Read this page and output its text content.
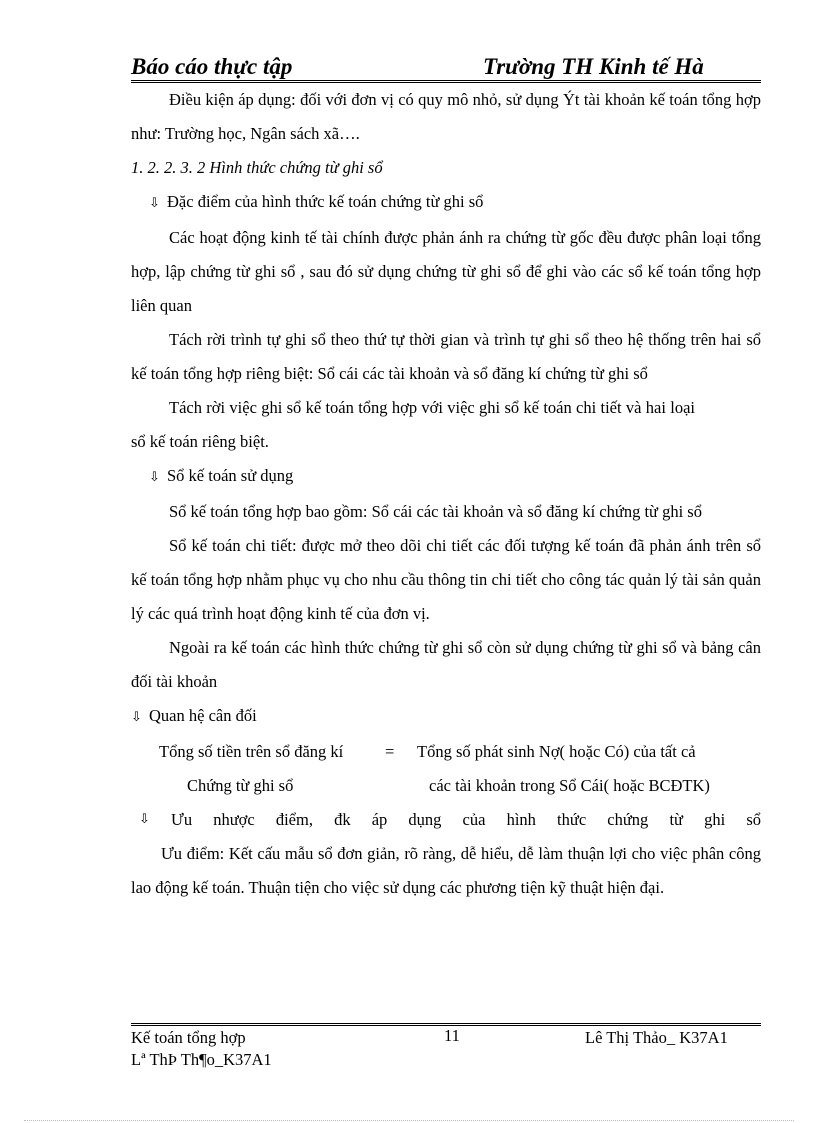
Báo cáo thực tập	Trường TH Kinh tế Hà
Điều kiện áp dụng: đối với đơn vị có quy mô nhỏ, sử dụng Ýt tài khoản kế toán tổng hợp như: Trường học, Ngân sách xã….
1. 2. 2. 3. 2 Hình thức chứng từ ghi sổ
⇩ Đặc điểm của hình thức kế toán chứng từ ghi sổ
Các hoạt động kinh tế tài chính được phản ánh ra chứng từ gốc đều được phân loại tổng hợp, lập chứng từ ghi sổ , sau đó sử dụng chứng từ ghi sổ để ghi vào các sổ kế toán tổng hợp liên quan
Tách rời trình tự ghi sổ theo thứ tự thời gian và trình tự ghi sổ theo hệ thống trên hai sổ kế toán tổng hợp riêng biệt: Sổ cái các tài khoản và sổ đăng kí chứng từ ghi sổ
Tách rời việc ghi sổ kế toán tổng hợp với việc ghi sổ kế toán chi tiết và hai loạisổ kế toán riêng biệt.
⇩ Sổ kế toán sử dụng
Sổ kế toán tổng hợp bao gồm: Sổ cái các tài khoản và sổ đăng kí chứng từ ghi sổ
Sổ kế toán chi tiết: được mở theo dõi chi tiết các đối tượng kế toán đã phản ánh trên sổ kế toán tổng hợp nhằm phục vụ cho nhu cầu thông tin chi tiết cho công tác quản lý tài sản quản lý các quá trình hoạt động kinh tế của đơn vị.
Ngoài ra kế toán các hình thức chứng từ ghi sổ còn sử dụng chứng từ ghi sổ và bảng cân đối tài khoản
⇩ Quan hệ cân đối
Tổng số tiền trên sổ đăng kí	= Tổng số phát sinh Nợ( hoặc Có) của tất cả
Chứng từ ghi sổ	các tài khoản trong Sổ Cái( hoặc BCĐTK)
⇩ Ưu nhược điểm, đk áp dụng của hình thức chứng từ ghi sổ
Ưu điểm: Kết cấu mẫu sổ đơn giản, rõ ràng, dễ hiểu, dễ làm thuận lợi cho việc phân công lao động kế toán. Thuận tiện cho việc sử dụng các phương tiện kỹ thuật hiện đại.
Kế toán tổng hợp	11	Lê Thị Thảo_ K37A1
Lª ThÞ Th¶o_K37A1
